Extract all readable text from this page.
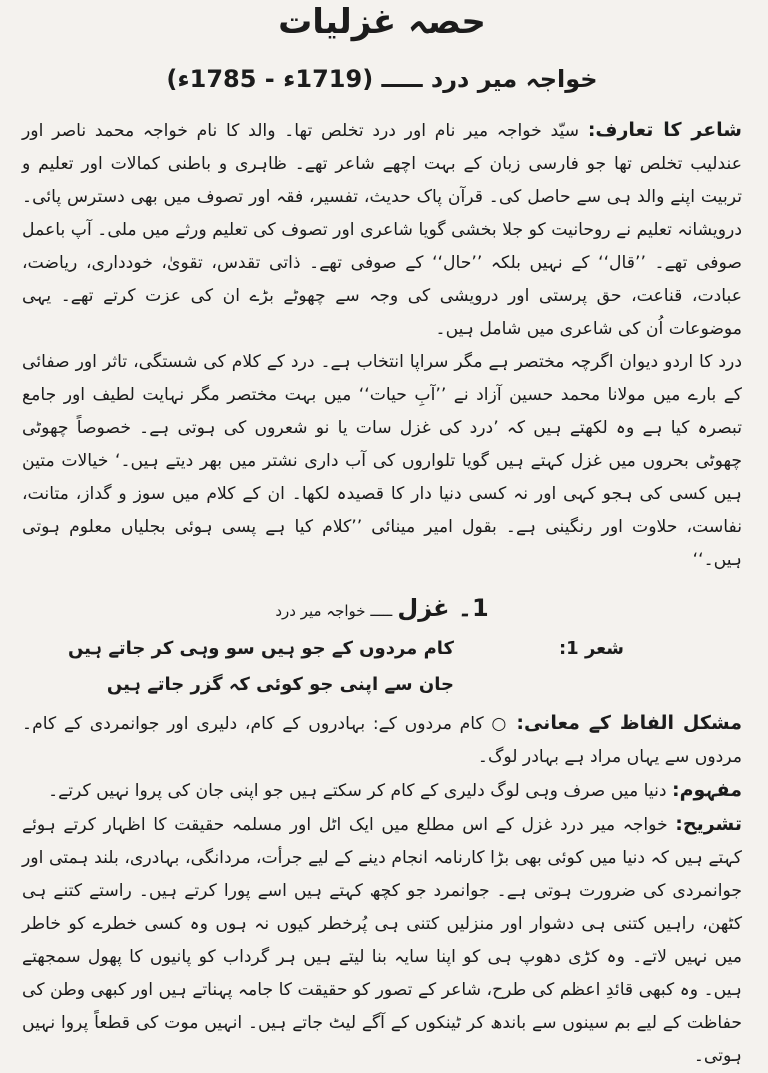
حصہ غزلیات
خواجہ میر درد ـــــ (1719ء - 1785ء)

شاعر کا تعارف: سیّد خواجہ میر نام اور درد تخلص تھا۔ والد کا نام خواجہ محمد ناصر اور عندلیب تخلص تھا جو فارسی زبان کے بہت اچھے شاعر تھے۔ ظاہری و باطنی کمالات اور تعلیم و تربیت اپنے والد ہی سے حاصل کی۔ قرآن پاک حدیث، تفسیر، فقہ اور تصوف میں بھی دسترس پائی۔ درویشانہ تعلیم نے روحانیت کو جلا بخشی گویا شاعری اور تصوف کی تعلیم ورثے میں ملی۔ آپ باعمل صوفی تھے۔ ’’قال‘‘ کے نہیں بلکہ ’’حال‘‘ کے صوفی تھے۔ ذاتی تقدس، تقویٰ، خودداری، ریاضت، عبادت، قناعت، حق پرستی اور درویشی کی وجہ سے چھوٹے بڑے ان کی عزت کرتے تھے۔ یہی موضوعات اُن کی شاعری میں شامل ہیں۔

درد کا اردو دیوان اگرچہ مختصر ہے مگر سراپا انتخاب ہے۔ درد کے کلام کی شستگی، تاثر اور صفائی کے بارے میں مولانا محمد حسین آزاد نے ’’آبِ حیات‘‘ میں بہت مختصر مگر نہایت لطیف اور جامع تبصرہ کیا ہے وہ لکھتے ہیں کہ ’درد کی غزل سات یا نو شعروں کی ہوتی ہے۔ خصوصاً چھوٹی چھوٹی بحروں میں غزل کہتے ہیں گویا تلواروں کی آب داری نشتر میں بھر دیتے ہیں۔‘ خیالات متین ہیں کسی کی ہجو کہی اور نہ کسی دنیا دار کا قصیدہ لکھا۔ ان کے کلام میں سوز و گداز، متانت، نفاست، حلاوت اور رنگینی ہے۔ بقول امیر مینائی ’’کلام کیا ہے پسی ہوئی بجلیاں معلوم ہوتی ہیں۔‘‘

1۔ غزل ـــــ خواجہ میر درد
شعر 1:
کام مردوں کے جو ہیں سو وہی کر جاتے ہیں
جان سے اپنی جو کوئی کہ گزر جاتے ہیں

مشکل الفاظ کے معانی: ○ کام مردوں کے: بہادروں کے کام، دلیری اور جوانمردی کے کام۔ مردوں سے یہاں مراد ہے بہادر لوگ۔

مفہوم: دنیا میں صرف وہی لوگ دلیری کے کام کر سکتے ہیں جو اپنی جان کی پروا نہیں کرتے۔

تشریح: خواجہ میر درد غزل کے اس مطلع میں ایک اٹل اور مسلمہ حقیقت کا اظہار کرتے ہوئے کہتے ہیں کہ دنیا میں کوئی بھی بڑا کارنامہ انجام دینے کے لیے جرأت، مردانگی، بہادری، بلند ہمتی اور جوانمردی کی ضرورت ہوتی ہے۔ جوانمرد جو کچھ کہتے ہیں اسے پورا کرتے ہیں۔ راستے کتنے ہی کٹھن، راہیں کتنی ہی دشوار اور منزلیں کتنی ہی پُرخطر کیوں نہ ہوں وہ کسی خطرے کو خاطر میں نہیں لاتے۔ وہ کڑی دھوپ ہی کو اپنا سایہ بنا لیتے ہیں ہر گرداب کو پانیوں کا پھول سمجھتے ہیں۔ وہ کبھی قائدِ اعظم کی طرح، شاعر کے تصور کو حقیقت کا جامہ پہناتے ہیں اور کبھی وطن کی حفاظت کے لیے بم سینوں سے باندھ کر ٹینکوں کے آگے لیٹ جاتے ہیں۔ انہیں موت کی قطعاً پروا نہیں ہوتی۔
